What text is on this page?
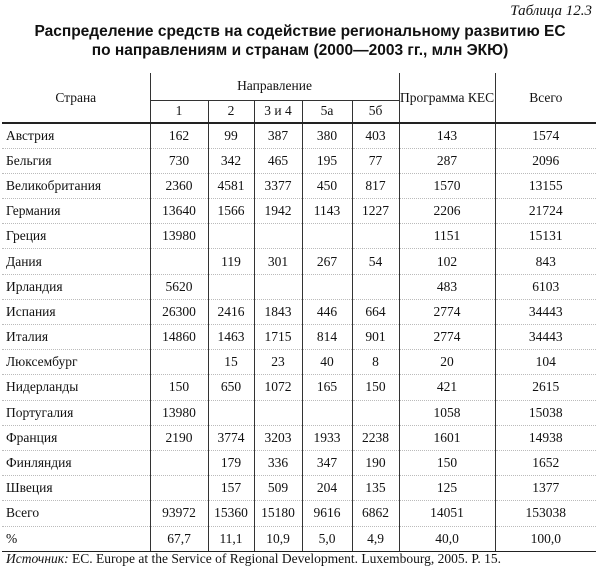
Таблица 12.3
Распределение средств на содействие региональному развитию ЕС
по направлениям и странам (2000—2003 гг., млн ЭКЮ)
Страна	Направление					Программа КЕС	Всего
	1	2	3 и 4	5а	5б		
Австрия	162	99	387	380	403	143	1574
Бельгия	730	342	465	195	77	287	2096
Великобритания	2360	4581	3377	450	817	1570	13155
Германия	13640	1566	1942	1143	1227	2206	21724
Греция	13980					1151	15131
Дания		119	301	267	54	102	843
Ирландия	5620					483	6103
Испания	26300	2416	1843	446	664	2774	34443
Италия	14860	1463	1715	814	901	2774	34443
Люксембург		15	23	40	8	20	104
Нидерланды	150	650	1072	165	150	421	2615
Португалия	13980					1058	15038
Франция	2190	3774	3203	1933	2238	1601	14938
Финляндия		179	336	347	190	150	1652
Швеция		157	509	204	135	125	1377
Всего	93972	15360	15180	9616	6862	14051	153038
%	67,7	11,1	10,9	5,0	4,9	40,0	100,0
Источник: EC. Europe at the Service of Regional Development. Luxembourg, 2005. P. 15.
